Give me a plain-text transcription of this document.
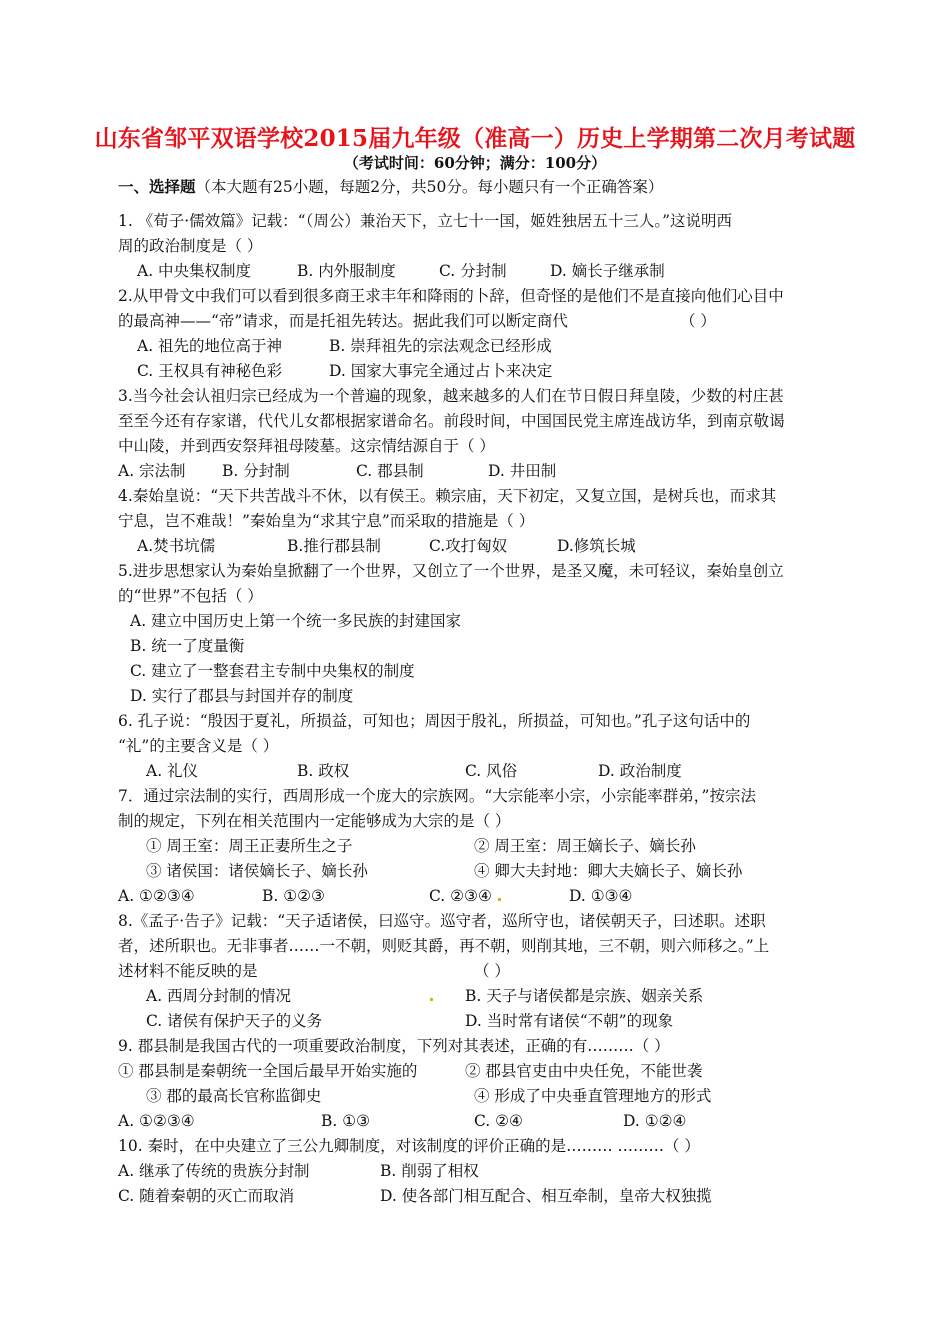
山东省邹平双语学校2015届九年级（准高一）历史上学期第二次月考试题
（考试时间：60分钟；满分：100分）
一、选择题（本大题有25小题，每题2分，共50分。每小题只有一个正确答案）
1. 《荀子·儒效篇》记载：“（周公）兼治天下，立七十一国，姬姓独居五十三人。”这说明西
周的政治制度是（ ）
A. 中央集权制度	B. 内外服制度	C. 分封制	D. 嫡长子继承制
2.从甲骨文中我们可以看到很多商王求丰年和降雨的卜辞，但奇怪的是他们不是直接向他们心目中
的最高神——“帝”请求，而是托祖先转达。据此我们可以断定商代	（ ）
A. 祖先的地位高于神	B. 崇拜祖先的宗法观念已经形成
C. 王权具有神秘色彩	D. 国家大事完全通过占卜来决定
3.当今社会认祖归宗已经成为一个普遍的现象，越来越多的人们在节日假日拜皇陵，少数的村庄甚
至至今还有存家谱，代代儿女都根据家谱命名。前段时间，中国国民党主席连战访华，到南京敬谒
中山陵，并到西安祭拜祖母陵墓。这宗情结源自于（ ）
A. 宗法制 B. 分封制	C. 郡县制	D. 井田制
4.秦始皇说：“天下共苦战斗不休，以有侯王。赖宗庙，天下初定，又复立国，是树兵也，而求其
宁息，岂不难哉！”秦始皇为“求其宁息”而采取的措施是（ ）
A.焚书坑儒	B.推行郡县制	C.攻打匈奴	D.修筑长城
5.进步思想家认为秦始皇掀翻了一个世界，又创立了一个世界，是圣又魔，未可轻议，秦始皇创立
的“世界”不包括（ ）
A. 建立中国历史上第一个统一多民族的封建国家
B. 统一了度量衡
C. 建立了一整套君主专制中央集权的制度
D. 实行了郡县与封国并存的制度
6. 孔子说：“殷因于夏礼，所损益，可知也；周因于殷礼，所损益，可知也。”孔子这句话中的
“礼”的主要含义是（ ）
A. 礼仪	B. 政权	C. 风俗	D. 政治制度
7．通过宗法制的实行，西周形成一个庞大的宗族网。“大宗能率小宗，小宗能率群弟，”按宗法
制的规定，下列在相关范围内一定能够成为大宗的是（ ）
① 周王室：周王正妻所生之子	② 周王室：周王嫡长子、嫡长孙
③ 诸侯国：诸侯嫡长子、嫡长孙	④ 卿大夫封地：卿大夫嫡长子、嫡长孙
A. ①②③④	B. ①②③	C. ②③④	D. ①③④
8.《孟子·告子》记载：“天子适诸侯，曰巡守。巡守者，巡所守也，诸侯朝天子，曰述职。述职
者，述所职也。无非事者……一不朝，则贬其爵，再不朝，则削其地，三不朝，则六师移之。”上
述材料不能反映的是	（ ）
A. 西周分封制的情况	B. 天子与诸侯都是宗族、姻亲关系
C. 诸侯有保护天子的义务	D. 当时常有诸侯“不朝”的现象
9. 郡县制是我国古代的一项重要政治制度，下列对其表述，正确的有………（ ）
① 郡县制是秦朝统一全国后最早开始实施的	② 郡县官吏由中央任免，不能世袭
③ 郡的最高长官称监御史	④ 形成了中央垂直管理地方的形式
A. ①②③④	B. ①③	C. ②④	D. ①②④
10. 秦时，在中央建立了三公九卿制度，对该制度的评价正确的是……… ………（ ）
A. 继承了传统的贵族分封制	B. 削弱了相权
C. 随着秦朝的灭亡而取消	D. 使各部门相互配合、相互牵制，皇帝大权独揽
